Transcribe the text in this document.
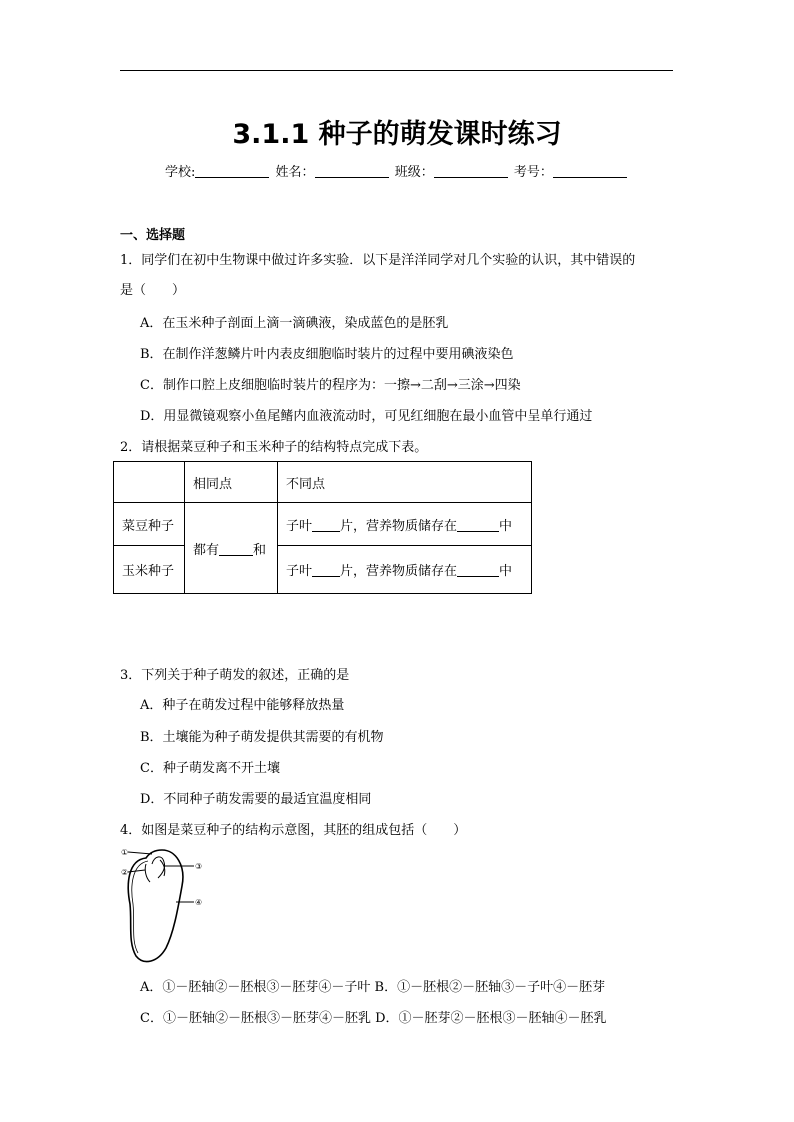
3.1.1 种子的萌发课时练习
学校:	姓名：	班级：	考号：
一、选择题
1．同学们在初中生物课中做过许多实验．以下是洋洋同学对几个实验的认识，其中错误的
是（　　）
A．在玉米种子剖面上滴一滴碘液，染成蓝色的是胚乳
B．在制作洋葱鳞片叶内表皮细胞临时装片的过程中要用碘液染色
C．制作口腔上皮细胞临时装片的程序为：一擦→二刮→三涂→四染
D．用显微镜观察小鱼尾鳍内血液流动时，可见红细胞在最小血管中呈单行通过
2．请根据菜豆种子和玉米种子的结构特点完成下表。
	相同点	不同点
菜豆种子	都有 和	子叶 片，营养物质储存在 中
玉米种子		子叶 片，营养物质储存在 中
3．下列关于种子萌发的叙述，正确的是
A．种子在萌发过程中能够释放热量
B．土壤能为种子萌发提供其需要的有机物
C．种子萌发离不开土壤
D．不同种子萌发需要的最适宜温度相同
4．如图是菜豆种子的结构示意图，其胚的组成包括（　　）
①
②
③
④
A．①－胚轴②－胚根③－胚芽④－子叶 B．①－胚根②－胚轴③－子叶④－胚芽
C．①－胚轴②－胚根③－胚芽④－胚乳 D．①－胚芽②－胚根③－胚轴④－胚乳
